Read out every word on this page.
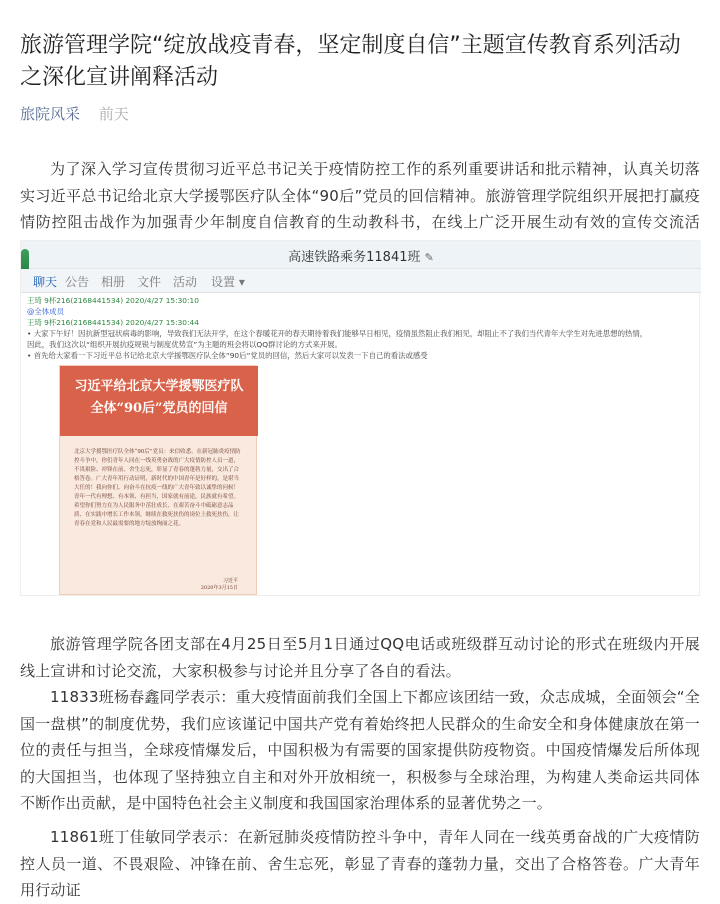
旅游管理学院“绽放战疫青春，坚定制度自信”主题宣传教育系列活动之深化宣讲阐释活动
旅院风采 前天

为了深入学习宣传贯彻习近平总书记关于疫情防控工作的系列重要讲话和批示精神，认真关切落实习近平总书记给北京大学援鄂医疗队全体“90后”党员的回信精神。旅游管理学院组织开展把打赢疫情防控阻击战作为加强青少年制度自信教育的生动教科书，在线上广泛开展生动有效的宣传交流活

旅游管理学院各团支部在4月25日至5月1日通过QQ电话或班级群互动讨论的形式在班级内开展线上宣讲和讨论交流，大家积极参与讨论并且分享了各自的看法。

11833班杨春鑫同学表示：重大疫情面前我们全国上下都应该团结一致，众志成城，全面领会“全国一盘棋”的制度优势，我们应该谨记中国共产党有着始终把人民群众的生命安全和身体健康放在第一位的责任与担当，全球疫情爆发后，中国积极为有需要的国家提供防疫物资。中国疫情爆发后所体现的大国担当，也体现了坚持独立自主和对外开放相统一，积极参与全球治理，为构建人类命运共同体不断作出贡献，是中国特色社会主义制度和我国国家治理体系的显著优势之一。

11861班丁佳敏同学表示：在新冠肺炎疫情防控斗争中，青年人同在一线英勇奋战的广大疫情防控人员一道、不畏艰险、冲锋在前、舍生忘死，彰显了青春的蓬勃力量，交出了合格答卷。广大青年用行动证

高速铁路乘务11841班 ✎
聊天 公告 相册 文件 活动 设置 ▾
王琦 9杯216(2168441534) 2020/4/27 15:30:10
@全体成员
王琦 9杯216(2168441534) 2020/4/27 15:30:44
• 大家下午好！因抗新型冠状病毒的影响，导致我们无法开学，在这个春暖花开的春天期待着我们能够早日相见，疫情虽然阻止我们相见，却阻止不了我们当代青年大学生对先进思想的热情，
因此，我们这次以“组织开展抗疫规锐与制度优势宣”为主题的班会将以QQ群讨论的方式来开展。
• 首先给大家看一下习近平总书记给北京大学援鄂医疗队全体“90后”党员的回信，然后大家可以发表一下自己的看法或感受
习近平给北京大学援鄂医疗队
全体“90后”党员的回信
北京大学援鄂医疗队全体“90后”党员：来信收悉。在新冠肺炎疫情防控斗争中，你们青年人同在一线英勇奋战的广大疫情防控人员一道，不畏艰险、冲锋在前、舍生忘死，彰显了青春的蓬勃力量，交出了合格答卷。广大青年用行动证明，新时代的中国青年是好样的，是堪当大任的！我向你们、向奋斗在抗疫一线的广大青年致以诚挚的问候！青年一代有理想、有本领、有担当，国家就有前途，民族就有希望。希望你们努力在为人民服务中茁壮成长、在艰苦奋斗中砥砺意志品质、在实践中增长工作本领，继续在救死扶伤的岗位上救死扶伤，让青春在党和人民最需要的地方绽放绚丽之花。
习近平
2020年3月15日
